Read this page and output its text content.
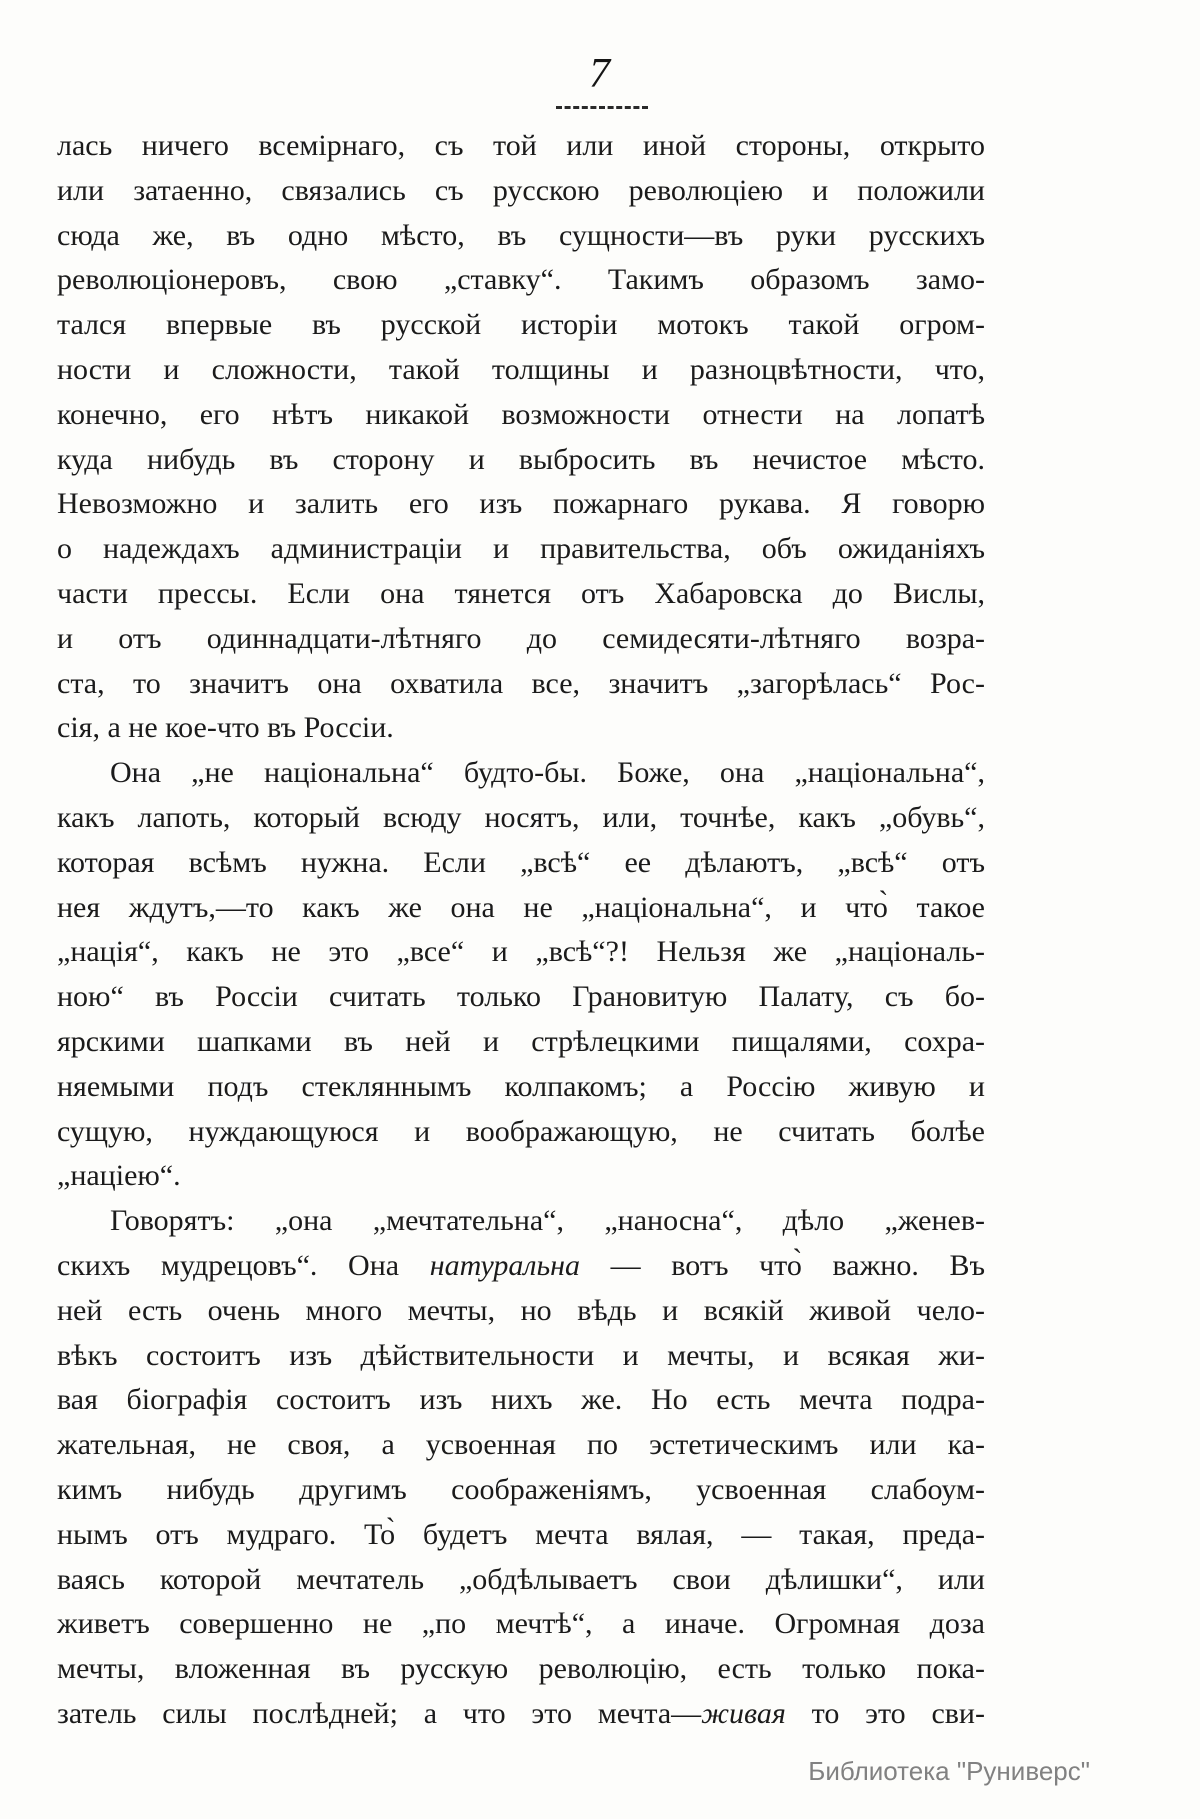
7
лась ничего всемірнаго, съ той или иной стороны, открыто
или затаенно, связались съ русскою революціею и положили
сюда же, въ одно мѣсто, въ сущности—въ руки русскихъ
революціонеровъ, свою „ставку“. Такимъ образомъ замо-
тался впервые въ русской исторіи мотокъ такой огром-
ности и сложности, такой толщины и разноцвѣтности, что,
конечно, его нѣтъ никакой возможности отнести на лопатѣ
куда нибудь въ сторону и выбросить въ нечистое мѣсто.
Невозможно и залить его изъ пожарнаго рукава. Я говорю
о надеждахъ администраціи и правительства, объ ожиданіяхъ
части прессы. Если она тянется отъ Хабаровска до Вислы,
и отъ одиннадцати-лѣтняго до семидесяти-лѣтняго возра-
ста, то значитъ она охватила все, значитъ „загорѣлась“ Рос-
сія, а не кое-что въ Россіи.
Она „не національна“ будто-бы. Боже, она „національна“,
какъ лапоть, который всюду носятъ, или, точнѣе, какъ „обувь“,
которая всѣмъ нужна. Если „всѣ“ ее дѣлаютъ, „всѣ“ отъ
нея ждутъ,—то какъ же она не „національна“, и что̀ такое
„нація“, какъ не это „все“ и „всѣ“?! Нельзя же „національ-
ною“ въ Россіи считать только Грановитую Палату, съ бо-
ярскими шапками въ ней и стрѣлецкими пищалями, сохра-
няемыми подъ стекляннымъ колпакомъ; а Россію живую и
сущую, нуждающуюся и воображающую, не считать болѣе
„націею“.
Говорятъ: „она „мечтательна“, „наносна“, дѣло „женев-
скихъ мудрецовъ“. Она натуральна — вотъ что̀ важно. Въ
ней есть очень много мечты, но вѣдь и всякій живой чело-
вѣкъ состоитъ изъ дѣйствительности и мечты, и всякая жи-
вая біографія состоитъ изъ нихъ же. Но есть мечта подра-
жательная, не своя, а усвоенная по эстетическимъ или ка-
кимъ нибудь другимъ соображеніямъ, усвоенная слабоум-
нымъ отъ мудраго. То̀ будетъ мечта вялая, — такая, преда-
ваясь которой мечтатель „обдѣлываетъ свои дѣлишки“, или
живетъ совершенно не „по мечтѣ“, а иначе. Огромная доза
мечты, вложенная въ русскую революцію, есть только пока-
затель силы послѣдней; а что это мечта—живая то это сви-
Библиотека "Руниверс"
